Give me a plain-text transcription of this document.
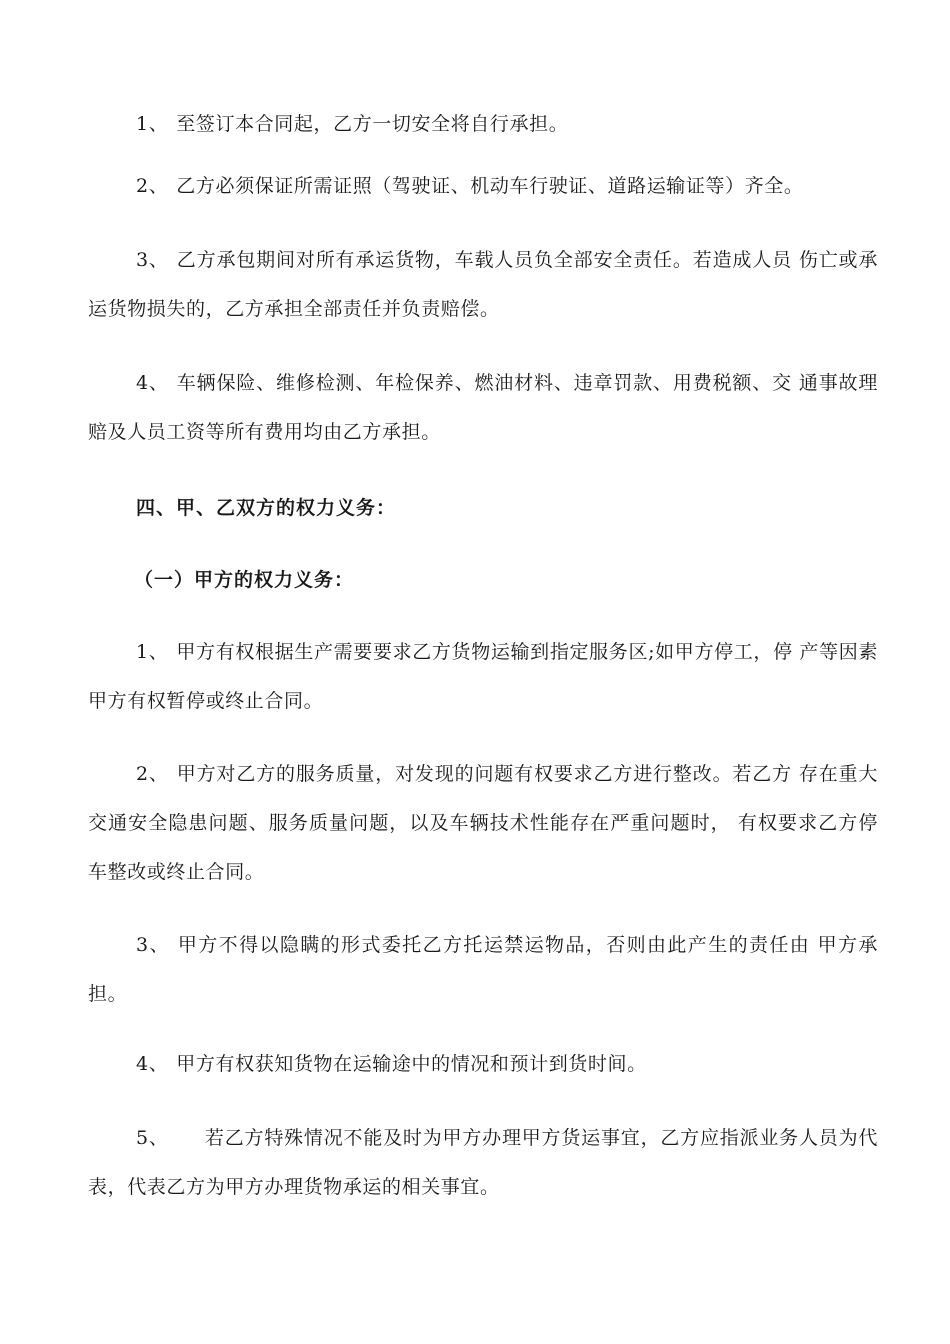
1、 至签订本合同起，乙方一切安全将自行承担。

2、 乙方必须保证所需证照（驾驶证、机动车行驶证、道路运输证等）齐全。

3、 乙方承包期间对所有承运货物，车载人员负全部安全责任。若造成人员 伤亡或承运货物损失的，乙方承担全部责任并负责赔偿。

4、 车辆保险、维修检测、年检保养、燃油材料、违章罚款、用费税额、交 通事故理赔及人员工资等所有费用均由乙方承担。

四、甲、乙双方的权力义务：

（一）甲方的权力义务：

1、 甲方有权根据生产需要要求乙方货物运输到指定服务区;如甲方停工，停 产等因素甲方有权暂停或终止合同。

2、 甲方对乙方的服务质量，对发现的问题有权要求乙方进行整改。若乙方 存在重大交通安全隐患问题、服务质量问题，以及车辆技术性能存在严重问题时， 有权要求乙方停车整改或终止合同。

3、 甲方不得以隐瞒的形式委托乙方托运禁运物品，否则由此产生的责任由 甲方承担。

4、 甲方有权获知货物在运输途中的情况和预计到货时间。

5、 若乙方特殊情况不能及时为甲方办理甲方货运事宜，乙方应指派业务人员为代表，代表乙方为甲方办理货物承运的相关事宜。
